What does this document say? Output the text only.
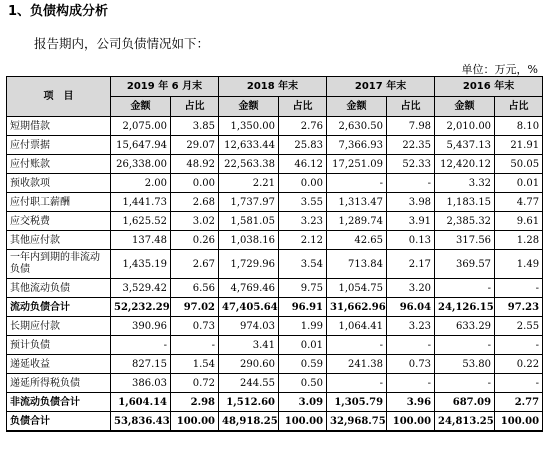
1、负债构成分析
报告期内，公司负债情况如下：
单位：万元，%
项　目	2019 年 6 月末		2018 年末		2017 年末		2016 年末	
	金额	占比	金额	占比	金额	占比	金额	占比
短期借款	2,075.00	3.85	1,350.00	2.76	2,630.50	7.98	2,010.00	8.10
应付票据	15,647.94	29.07	12,633.44	25.83	7,366.93	22.35	5,437.13	21.91
应付账款	26,338.00	48.92	22,563.38	46.12	17,251.09	52.33	12,420.12	50.05
预收款项	2.00	0.00	2.21	0.00	-	-	3.32	0.01
应付职工薪酬	1,441.73	2.68	1,737.97	3.55	1,313.47	3.98	1,183.15	4.77
应交税费	1,625.52	3.02	1,581.05	3.23	1,289.74	3.91	2,385.32	9.61
其他应付款	137.48	0.26	1,038.16	2.12	42.65	0.13	317.56	1.28
一年内到期的非流动负债	1,435.19	2.67	1,729.96	3.54	713.84	2.17	369.57	1.49
其他流动负债	3,529.42	6.56	4,769.46	9.75	1,054.75	3.20	-	-
流动负债合计	52,232.29	97.02	47,405.64	96.91	31,662.96	96.04	24,126.15	97.23
长期应付款	390.96	0.73	974.03	1.99	1,064.41	3.23	633.29	2.55
预计负债	-	-	3.41	0.01	-	-	-	-
递延收益	827.15	1.54	290.60	0.59	241.38	0.73	53.80	0.22
递延所得税负债	386.03	0.72	244.55	0.50	-	-	-	-
非流动负债合计	1,604.14	2.98	1,512.60	3.09	1,305.79	3.96	687.09	2.77
负债合计	53,836.43	100.00	48,918.25	100.00	32,968.75	100.00	24,813.25	100.00
